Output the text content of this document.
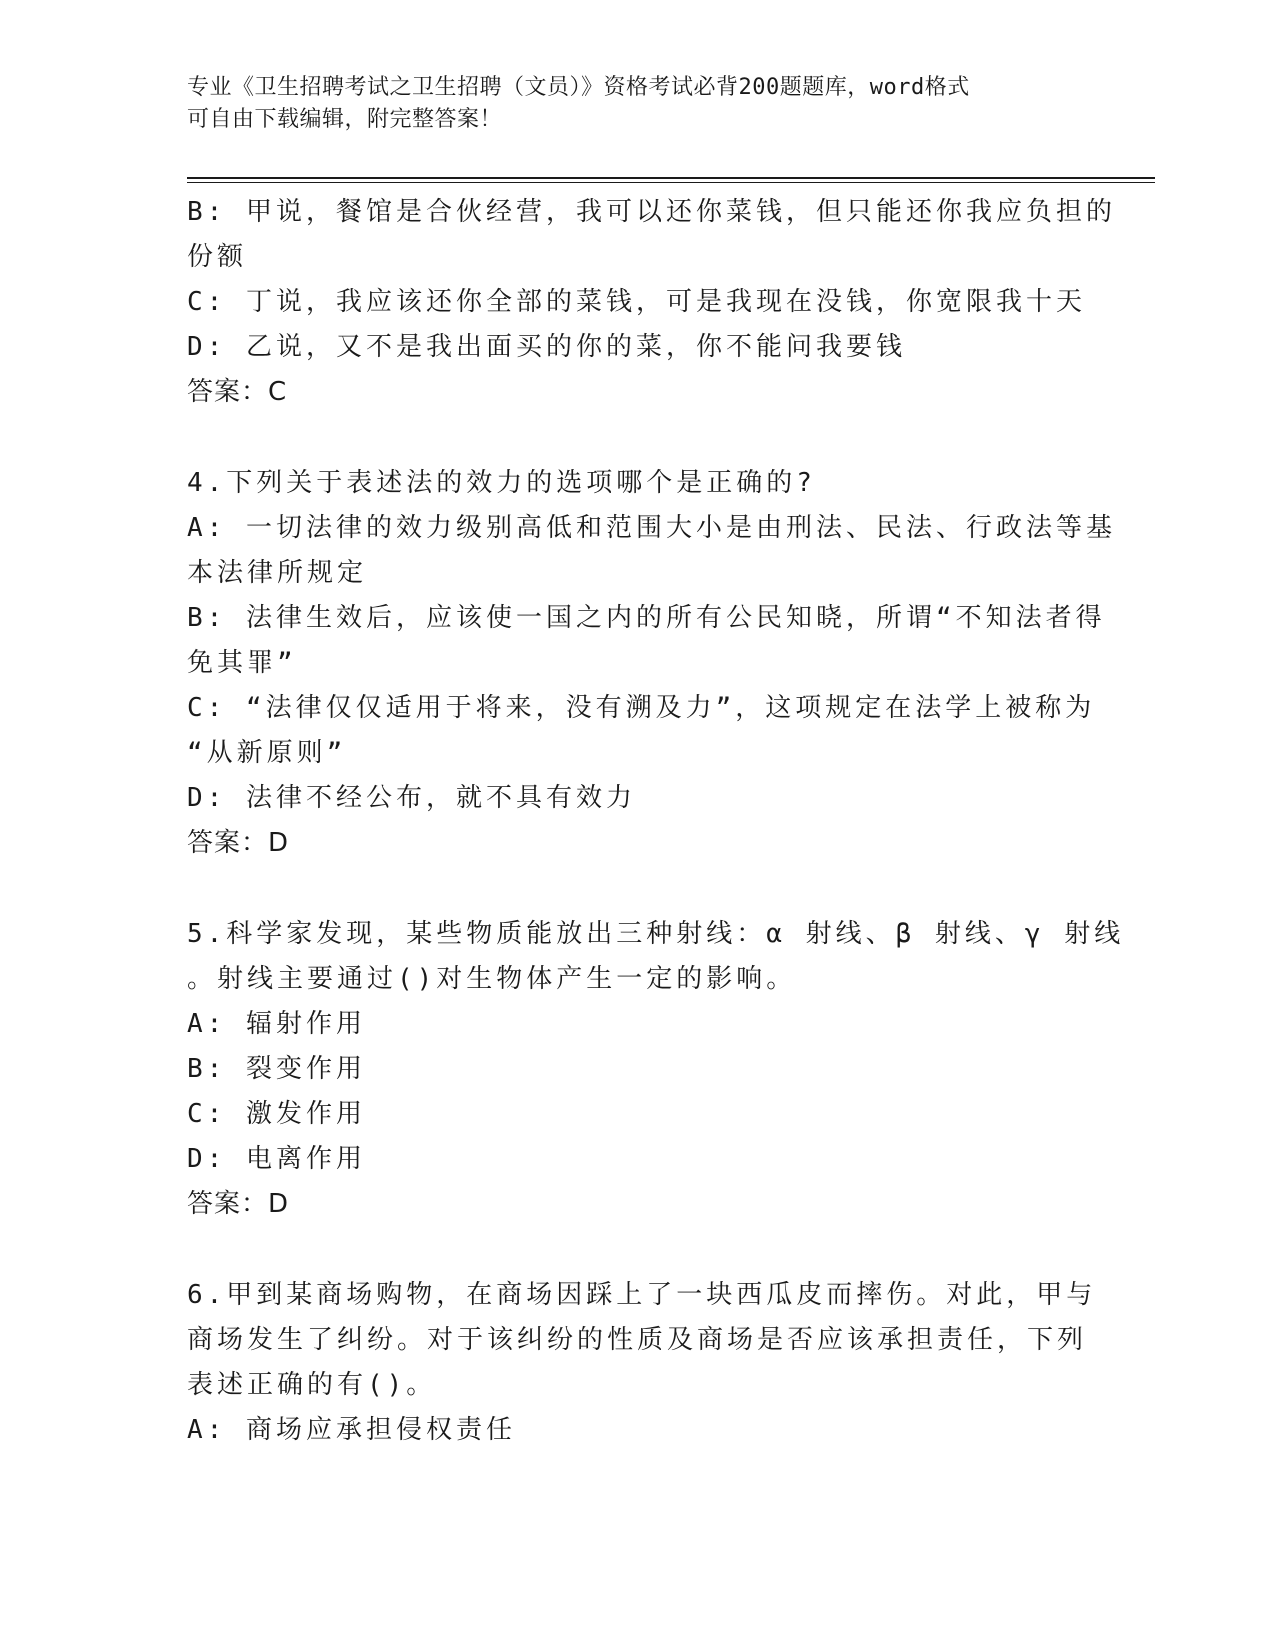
专业《卫生招聘考试之卫生招聘（文员）》资格考试必背200题题库，word格式
可自由下载编辑，附完整答案！
B: 甲说，餐馆是合伙经营，我可以还你菜钱，但只能还你我应负担的
份额
C: 丁说，我应该还你全部的菜钱，可是我现在没钱，你宽限我十天
D: 乙说，又不是我出面买的你的菜，你不能问我要钱
答案：C
4.下列关于表述法的效力的选项哪个是正确的?
A: 一切法律的效力级别高低和范围大小是由刑法、民法、行政法等基
本法律所规定
B: 法律生效后，应该使一国之内的所有公民知晓，所谓“不知法者得
免其罪”
C: “法律仅仅适用于将来，没有溯及力”，这项规定在法学上被称为
“从新原则”
D: 法律不经公布，就不具有效力
答案：D
5.科学家发现，某些物质能放出三种射线：α 射线、β 射线、γ 射线
。射线主要通过()对生物体产生一定的影响。
A: 辐射作用
B: 裂变作用
C: 激发作用
D: 电离作用
答案：D
6.甲到某商场购物，在商场因踩上了一块西瓜皮而摔伤。对此，甲与
商场发生了纠纷。对于该纠纷的性质及商场是否应该承担责任，下列
表述正确的有()。
A: 商场应承担侵权责任
